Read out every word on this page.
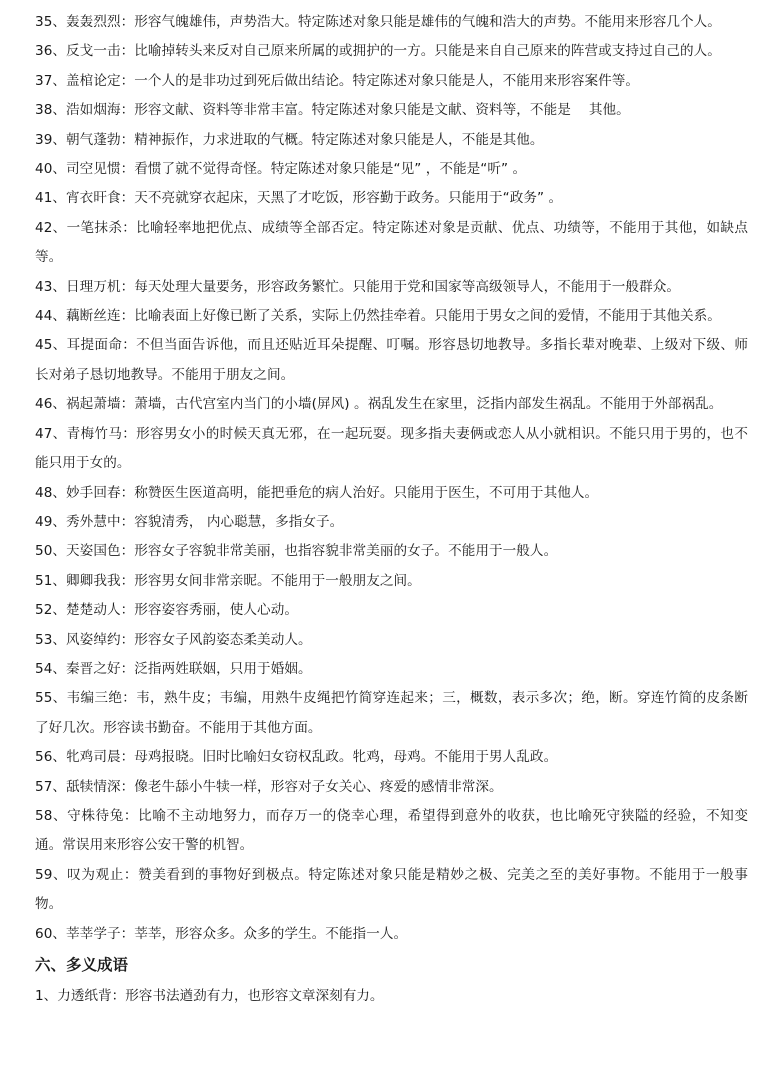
35、轰轰烈烈：形容气魄雄伟，声势浩大。特定陈述对象只能是雄伟的气魄和浩大的声势。不能用来形容几个人。
36、反戈一击：比喻掉转头来反对自己原来所属的或拥护的一方。只能是来自自己原来的阵营或支持过自己的人。
37、盖棺论定：一个人的是非功过到死后做出结论。特定陈述对象只能是人，不能用来形容案件等。
38、浩如烟海：形容文献、资料等非常丰富。特定陈述对象只能是文献、资料等，不能是　 其他。
39、朝气蓬勃：精神振作，力求进取的气概。特定陈述对象只能是人，不能是其他。
40、司空见惯：看惯了就不觉得奇怪。特定陈述对象只能是“见” ，不能是“听” 。
41、宵衣旰食：天不亮就穿衣起床，天黑了才吃饭，形容勤于政务。只能用于“政务” 。
42、一笔抹杀：比喻轻率地把优点、成绩等全部否定。特定陈述对象是贡献、优点、功绩等，不能用于其他，如缺点等。
43、日理万机：每天处理大量要务，形容政务繁忙。只能用于党和国家等高级领导人，不能用于一般群众。
44、藕断丝连：比喻表面上好像已断了关系，实际上仍然挂牵着。只能用于男女之间的爱情，不能用于其他关系。
45、耳提面命：不但当面告诉他，而且还贴近耳朵提醒、叮嘱。形容恳切地教导。多指长辈对晚辈、上级对下级、师长对弟子恳切地教导。不能用于朋友之间。
46、祸起萧墙：萧墙，古代宫室内当门的小墙(屏风) 。祸乱发生在家里，泛指内部发生祸乱。不能用于外部祸乱。
47、青梅竹马：形容男女小的时候天真无邪，在一起玩耍。现多指夫妻俩或恋人从小就相识。不能只用于男的，也不能只用于女的。
48、妙手回春：称赞医生医道高明，能把垂危的病人治好。只能用于医生，不可用于其他人。
49、秀外慧中：容貌清秀， 内心聪慧，多指女子。
50、天姿国色：形容女子容貌非常美丽，也指容貌非常美丽的女子。不能用于一般人。
51、卿卿我我：形容男女间非常亲昵。不能用于一般朋友之间。
52、楚楚动人：形容姿容秀丽，使人心动。
53、风姿绰约：形容女子风韵姿态柔美动人。
54、秦晋之好：泛指两姓联姻，只用于婚姻。
55、韦编三绝：韦，熟牛皮；韦编，用熟牛皮绳把竹简穿连起来；三，概数，表示多次；绝，断。穿连竹简的皮条断了好几次。形容读书勤奋。不能用于其他方面。
56、牝鸡司晨：母鸡报晓。旧时比喻妇女窃权乱政。牝鸡，母鸡。不能用于男人乱政。
57、舐犊情深：像老牛舔小牛犊一样，形容对子女关心、疼爱的感情非常深。
58、守株待兔：比喻不主动地努力，而存万一的侥幸心理，希望得到意外的收获，也比喻死守狭隘的经验，不知变通。常误用来形容公安干警的机智。
59、叹为观止：赞美看到的事物好到极点。特定陈述对象只能是精妙之极、完美之至的美好事物。不能用于一般事物。
60、莘莘学子：莘莘，形容众多。众多的学生。不能指一人。
六、多义成语

1、力透纸背：形容书法遒劲有力，也形容文章深刻有力。
